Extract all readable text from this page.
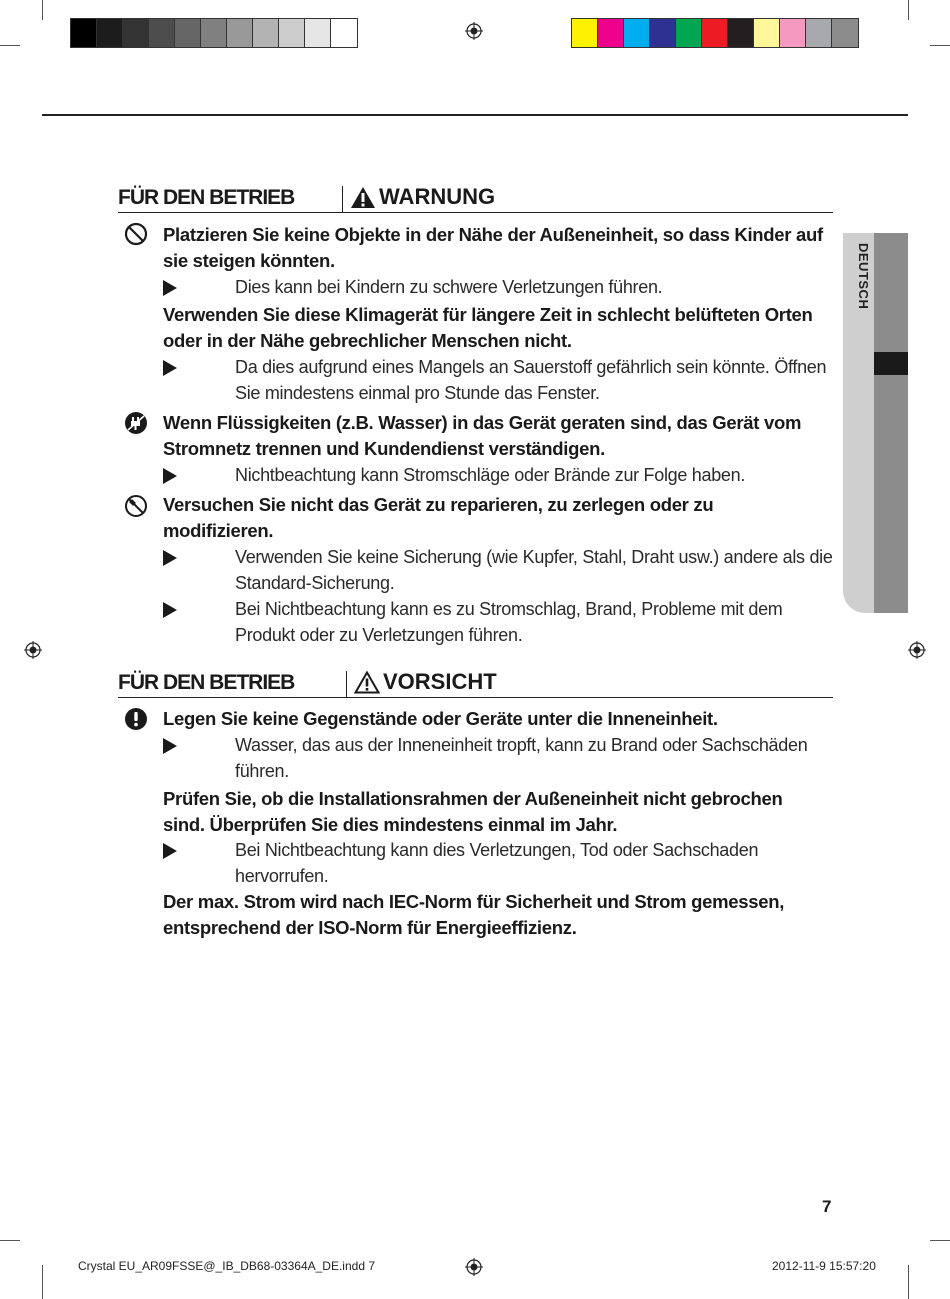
DEUTSCH
FÜR DEN BETRIEB	WARNUNG
Platzieren Sie keine Objekte in der Nähe der Außeneinheit, so dass Kinder auf sie steigen könnten.
Dies kann bei Kindern zu schwere Verletzungen führen.
Verwenden Sie diese Klimagerät für längere Zeit in schlecht belüfteten Orten oder in der Nähe gebrechlicher Menschen nicht.
Da dies aufgrund eines Mangels an Sauerstoff gefährlich sein könnte. Öffnen Sie mindestens einmal pro Stunde das Fenster.
Wenn Flüssigkeiten (z.B. Wasser) in das Gerät geraten sind, das Gerät vom Stromnetz trennen und Kundendienst verständigen.
Nichtbeachtung kann Stromschläge oder Brände zur Folge haben.
Versuchen Sie nicht das Gerät zu reparieren, zu zerlegen oder zu modifizieren.
Verwenden Sie keine Sicherung (wie Kupfer, Stahl, Draht usw.) andere als die Standard-Sicherung.
Bei Nichtbeachtung kann es zu Stromschlag, Brand, Probleme mit dem Produkt oder zu Verletzungen führen.
FÜR DEN BETRIEB	VORSICHT
Legen Sie keine Gegenstände oder Geräte unter die Inneneinheit.
Wasser, das aus der Inneneinheit tropft, kann zu Brand oder Sachschäden führen.
Prüfen Sie, ob die Installationsrahmen der Außeneinheit nicht gebrochen sind. Überprüfen Sie dies mindestens einmal im Jahr.
Bei Nichtbeachtung kann dies Verletzungen, Tod oder Sachschaden hervorrufen.
Der max. Strom wird nach IEC-Norm für Sicherheit und Strom gemessen, entsprechend der ISO-Norm für Energieeffizienz.
7
Crystal EU_AR09FSSE@_IB_DB68-03364A_DE.indd 7	2012-11-9 15:57:20
